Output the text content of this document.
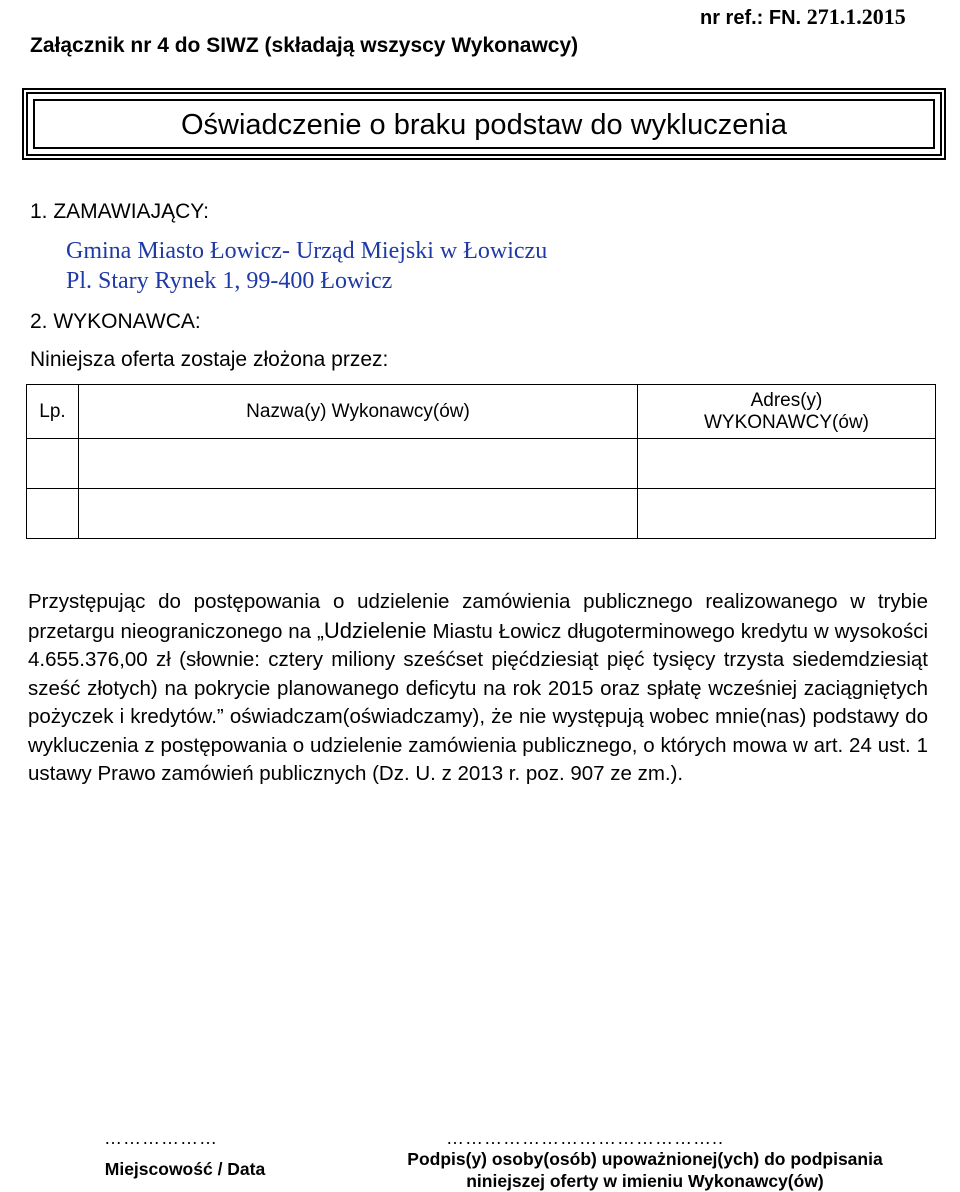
Załącznik nr 4 do SIWZ (składają wszyscy Wykonawcy)
nr ref.: FN. 271.1.2015
Oświadczenie o braku podstaw do wykluczenia
1. ZAMAWIAJĄCY:
Gmina Miasto Łowicz- Urząd Miejski w Łowiczu
Pl. Stary Rynek 1, 99-400 Łowicz
2. WYKONAWCA:
Niniejsza oferta zostaje złożona przez:
Lp.	Nazwa(y) Wykonawcy(ów)	Adres(y)
WYKONAWCY(ów)

Przystępując do postępowania o udzielenie zamówienia publicznego realizowanego w trybie przetargu nieograniczonego na „Udzielenie Miastu Łowicz długoterminowego kredytu w wysokości 4.655.376,00 zł (słownie: cztery miliony sześćset pięćdziesiąt pięć tysięcy trzysta siedemdziesiąt sześć złotych) na pokrycie planowanego deficytu na rok 2015 oraz spłatę wcześniej zaciągniętych pożyczek i kredytów.” oświadczam(oświadczamy), że nie występują wobec mnie(nas) podstawy do wykluczenia z postępowania o udzielenie zamówienia publicznego, o których mowa w art. 24 ust. 1 ustawy Prawo zamówień publicznych (Dz. U. z 2013 r. poz. 907 ze zm.).
………………
Miejscowość / Data
……………………………………..
Podpis(y) osoby(osób) upoważnionej(ych) do podpisania
niniejszej oferty w imieniu Wykonawcy(ów)
